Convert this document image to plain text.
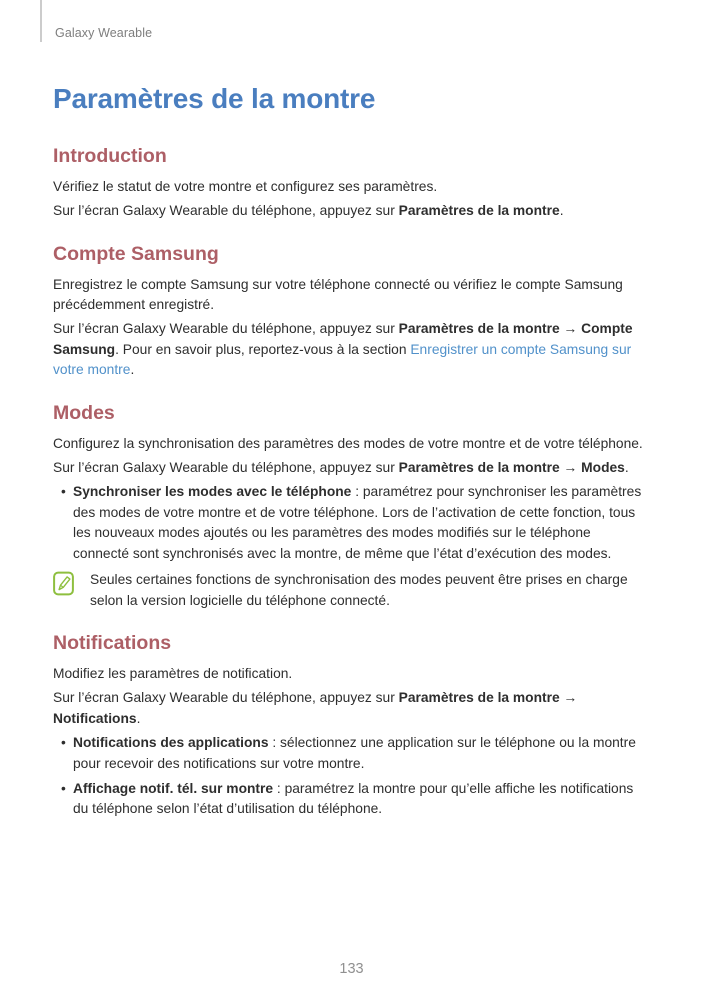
Galaxy Wearable
Paramètres de la montre
Introduction

Vérifiez le statut de votre montre et configurez ses paramètres.

Sur l’écran Galaxy Wearable du téléphone, appuyez sur Paramètres de la montre.

Compte Samsung

Enregistrez le compte Samsung sur votre téléphone connecté ou vérifiez le compte Samsung précédemment enregistré.

Sur l’écran Galaxy Wearable du téléphone, appuyez sur Paramètres de la montre → Compte Samsung. Pour en savoir plus, reportez-vous à la section Enregistrer un compte Samsung sur votre montre.

Modes

Configurez la synchronisation des paramètres des modes de votre montre et de votre téléphone.

Sur l’écran Galaxy Wearable du téléphone, appuyez sur Paramètres de la montre → Modes.

• Synchroniser les modes avec le téléphone : paramétrez pour synchroniser les paramètres des modes de votre montre et de votre téléphone. Lors de l’activation de cette fonction, tous les nouveaux modes ajoutés ou les paramètres des modes modifiés sur le téléphone connecté sont synchronisés avec la montre, de même que l’état d’exécution des modes.

Seules certaines fonctions de synchronisation des modes peuvent être prises en charge selon la version logicielle du téléphone connecté.

Notifications

Modifiez les paramètres de notification.

Sur l’écran Galaxy Wearable du téléphone, appuyez sur Paramètres de la montre → Notifications.

• Notifications des applications : sélectionnez une application sur le téléphone ou la montre pour recevoir des notifications sur votre montre.
• Affichage notif. tél. sur montre : paramétrez la montre pour qu’elle affiche les notifications du téléphone selon l’état d’utilisation du téléphone.
133
